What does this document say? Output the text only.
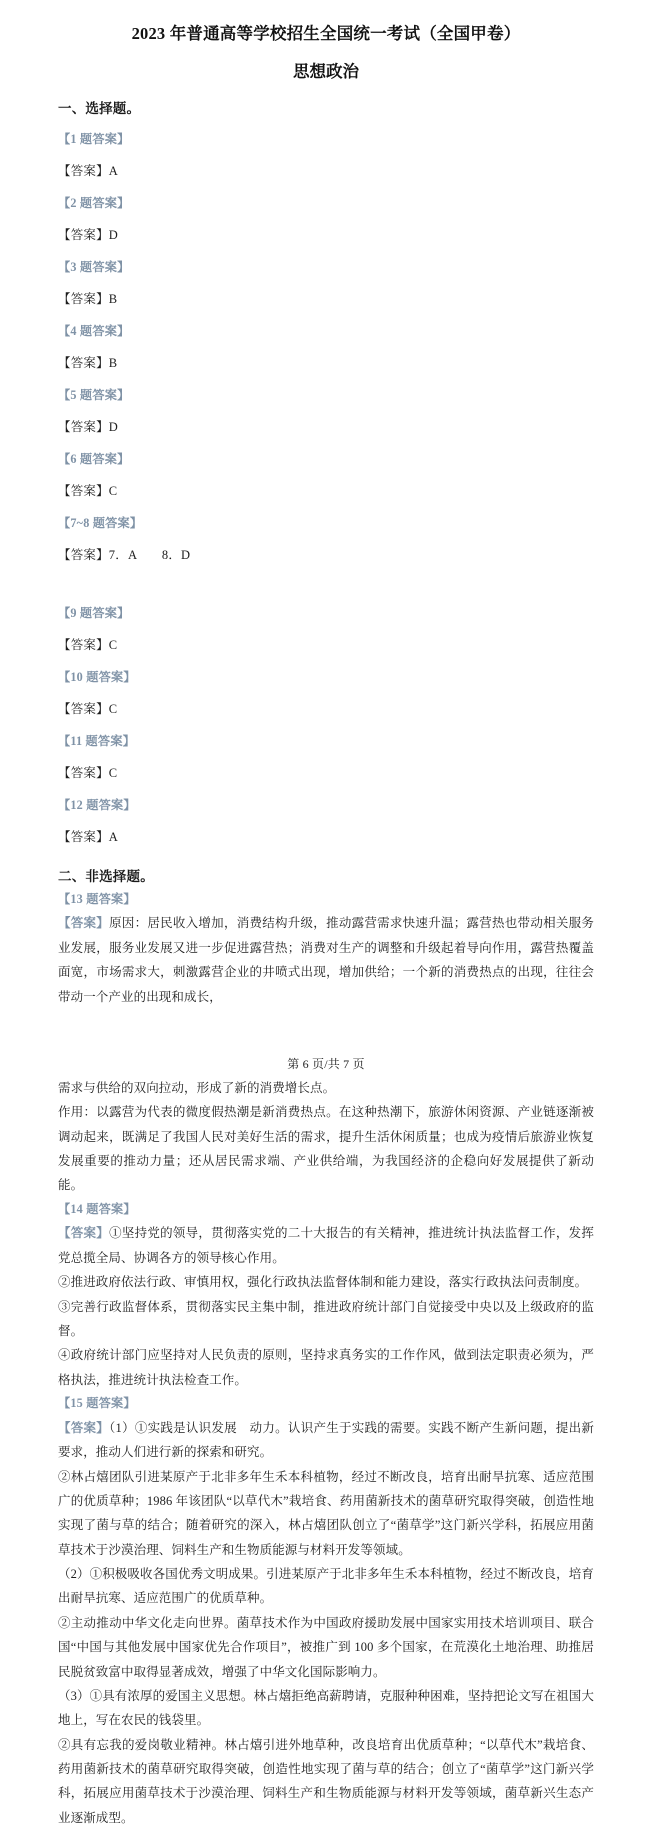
2023 年普通高等学校招生全国统一考试（全国甲卷）
思想政治
一、选择题。
【1 题答案】
【答案】A
【2 题答案】
【答案】D
【3 题答案】
【答案】B
【4 题答案】
【答案】B
【5 题答案】
【答案】D
【6 题答案】
【答案】C
【7~8 题答案】
【答案】7．A　　8．D
【9 题答案】
【答案】C
【10 题答案】
【答案】C
【11 题答案】
【答案】C
【12 题答案】
【答案】A
二、非选择题。
【13 题答案】

【答案】原因：居民收入增加，消费结构升级，推动露营需求快速升温；露营热也带动相关服务业发展，服务业发展又进一步促进露营热；消费对生产的调整和升级起着导向作用，露营热覆盖面宽，市场需求大，刺激露营企业的井喷式出现，增加供给；一个新的消费热点的出现，往往会带动一个产业的出现和成长，

第 6 页/共 7 页

需求与供给的双向拉动，形成了新的消费增长点。

作用：以露营为代表的微度假热潮是新消费热点。在这种热潮下，旅游休闲资源、产业链逐渐被调动起来，既满足了我国人民对美好生活的需求，提升生活休闲质量；也成为疫情后旅游业恢复发展重要的推动力量；还从居民需求端、产业供给端，为我国经济的企稳向好发展提供了新动能。

【14 题答案】

【答案】①坚持党的领导，贯彻落实党的二十大报告的有关精神，推进统计执法监督工作，发挥党总揽全局、协调各方的领导核心作用。

②推进政府依法行政、审慎用权，强化行政执法监督体制和能力建设，落实行政执法问责制度。

③完善行政监督体系，贯彻落实民主集中制，推进政府统计部门自觉接受中央以及上级政府的监督。

④政府统计部门应坚持对人民负责的原则，坚持求真务实的工作作风，做到法定职责必须为，严格执法，推进统计执法检查工作。

【15 题答案】

【答案】（1）①实践是认识发展　动力。认识产生于实践的需要。实践不断产生新问题，提出新要求，推动人们进行新的探索和研究。

②林占熺团队引进某原产于北非多年生禾本科植物，经过不断改良，培育出耐旱抗寒、适应范围广的优质草种；1986 年该团队“以草代木”栽培食、药用菌新技术的菌草研究取得突破，创造性地实现了菌与草的结合；随着研究的深入，林占熺团队创立了“菌草学”这门新兴学科，拓展应用菌草技术于沙漠治理、饲料生产和生物质能源与材料开发等领域。

（2）①积极吸收各国优秀文明成果。引进某原产于北非多年生禾本科植物，经过不断改良，培育出耐旱抗寒、适应范围广的优质草种。

②主动推动中华文化走向世界。菌草技术作为中国政府援助发展中国家实用技术培训项目、联合国“中国与其他发展中国家优先合作项目”，被推广到 100 多个国家，在荒漠化土地治理、助推居民脱贫致富中取得显著成效，增强了中华文化国际影响力。

（3）①具有浓厚的爱国主义思想。林占熺拒绝高薪聘请，克服种种困难，坚持把论文写在祖国大地上，写在农民的钱袋里。

②具有忘我的爱岗敬业精神。林占熺引进外地草种，改良培育出优质草种；“以草代木”栽培食、药用菌新技术的菌草研究取得突破，创造性地实现了菌与草的结合；创立了“菌草学”这门新兴学科，拓展应用菌草技术于沙漠治理、饲料生产和生物质能源与材料开发等领域，菌草新兴生态产业逐渐成型。
